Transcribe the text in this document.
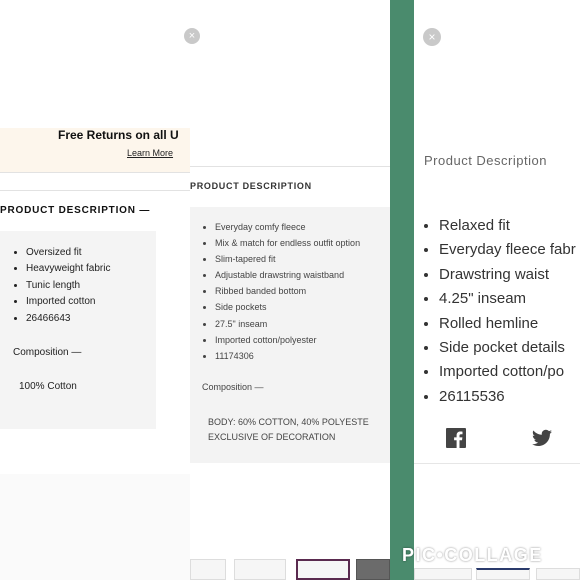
Free Returns on all U
Learn More
PRODUCT DESCRIPTION —
• Oversized fit
• Heavyweight fabric
• Tunic length
• Imported cotton
• 26466643
Composition —
100% Cotton
×
PRODUCT DESCRIPTION
• Everyday comfy fleece
• Mix & match for endless outfit option
• Slim-tapered fit
• Adjustable drawstring waistband
• Ribbed banded bottom
• Side pockets
• 27.5" inseam
• Imported cotton/polyester
• 11174306
Composition —
BODY: 60% COTTON, 40% POLYESTE
EXCLUSIVE OF DECORATION
×
Product Description
• Relaxed fit
• Everyday fleece fabr
• Drawstring waist
• 4.25" inseam
• Rolled hemline
• Side pocket details
• Imported cotton/po
• 26115536
PIC•COLLAGE
